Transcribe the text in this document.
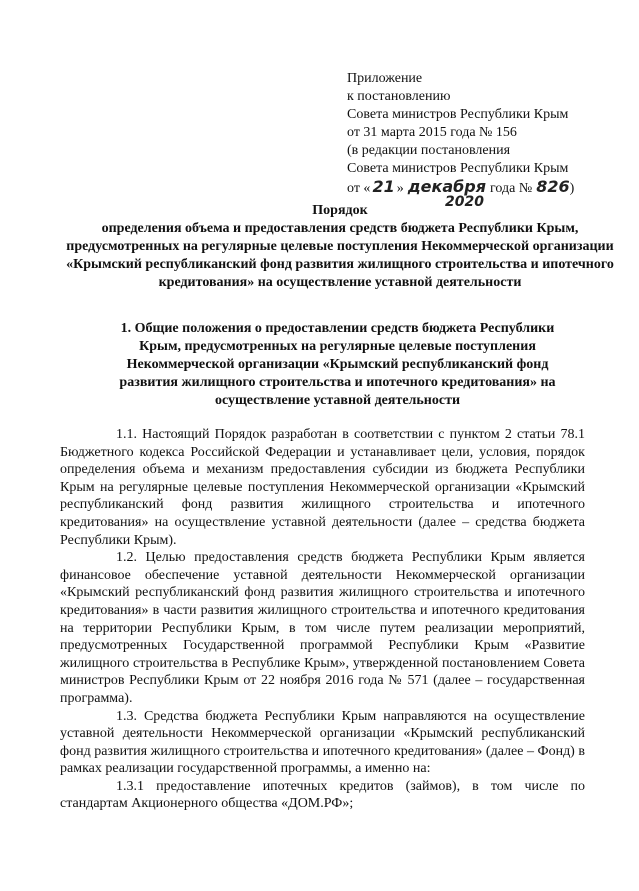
Приложение
к постановлению
Совета министров Республики Крым
от 31 марта 2015 года № 156
(в редакции постановления
Совета министров Республики Крым
от « 21 » декабря года № 826)
2020
Порядок
определения объема и предоставления средств бюджета Республики Крым, предусмотренных на регулярные целевые поступления Некоммерческой организации «Крымский республиканский фонд развития жилищного строительства и ипотечного кредитования» на осуществление уставной деятельности
1. Общие положения о предоставлении средств бюджета Республики Крым, предусмотренных на регулярные целевые поступления Некоммерческой организации «Крымский республиканский фонд развития жилищного строительства и ипотечного кредитования» на осуществление уставной деятельности

1.1. Настоящий Порядок разработан в соответствии с пунктом 2 статьи 78.1 Бюджетного кодекса Российской Федерации и устанавливает цели, условия, порядок определения объема и механизм предоставления субсидии из бюджета Республики Крым на регулярные целевые поступления Некоммерческой организации «Крымский республиканский фонд развития жилищного строительства и ипотечного кредитования» на осуществление уставной деятельности (далее – средства бюджета Республики Крым).

1.2. Целью предоставления средств бюджета Республики Крым является финансовое обеспечение уставной деятельности Некоммерческой организации «Крымский республиканский фонд развития жилищного строительства и ипотечного кредитования» в части развития жилищного строительства и ипотечного кредитования на территории Республики Крым, в том числе путем реализации мероприятий, предусмотренных Государственной программой Республики Крым «Развитие жилищного строительства в Республике Крым», утвержденной постановлением Совета министров Республики Крым от 22 ноября 2016 года № 571 (далее – государственная программа).

1.3. Средства бюджета Республики Крым направляются на осуществление уставной деятельности Некоммерческой организации «Крымский республиканский фонд развития жилищного строительства и ипотечного кредитования» (далее – Фонд) в рамках реализации государственной программы, а именно на:

1.3.1 предоставление ипотечных кредитов (займов), в том числе по стандартам Акционерного общества «ДОМ.РФ»;
